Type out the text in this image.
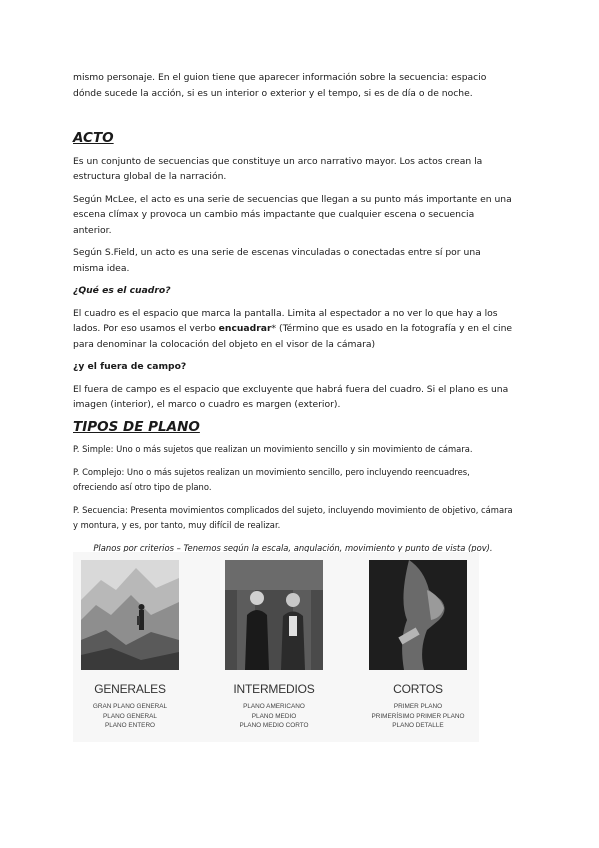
mismo personaje. En el guion tiene que aparecer información sobre la secuencia: espacio dónde sucede la acción, si es un interior o exterior y el tempo, si es de día o de noche.

ACTO

Es un conjunto de secuencias que constituye un arco narrativo mayor. Los actos crean la estructura global de la narración.

Según McLee, el acto es una serie de secuencias que llegan a su punto más importante en una escena clímax y provoca un cambio más impactante que cualquier escena o secuencia anterior.

Según S.Field, un acto es una serie de escenas vinculadas o conectadas entre sí por una misma idea.

¿Qué es el cuadro?

El cuadro es el espacio que marca la pantalla. Limita al espectador a no ver lo que hay a los lados. Por eso usamos el verbo encuadrar* (Término que es usado en la fotografía y en el cine para denominar la colocación del objeto en el visor de la cámara)

¿y el fuera de campo?

El fuera de campo es el espacio que excluyente que habrá fuera del cuadro. Si el plano es una imagen (interior), el marco o cuadro es margen (exterior).

TIPOS DE PLANO

P. Simple: Uno o más sujetos que realizan un movimiento sencillo y sin movimiento de cámara.

P. Complejo: Uno o más sujetos realizan un movimiento sencillo, pero incluyendo reencuadres, ofreciendo así otro tipo de plano.

P. Secuencia: Presenta movimientos complicados del sujeto, incluyendo movimiento de objetivo, cámara y montura, y es, por tanto, muy difícil de realizar.

Planos por criterios – Tenemos según la escala, angulación, movimiento y punto de vista (pov).

GENERALES
GRAN PLANO GENERAL
PLANO GENERAL
PLANO ENTERO
INTERMEDIOS
PLANO AMERICANO
PLANO MEDIO
PLANO MEDIO CORTO
CORTOS
PRIMER PLANO
PRIMERÍSIMO PRIMER PLANO
PLANO DETALLE
